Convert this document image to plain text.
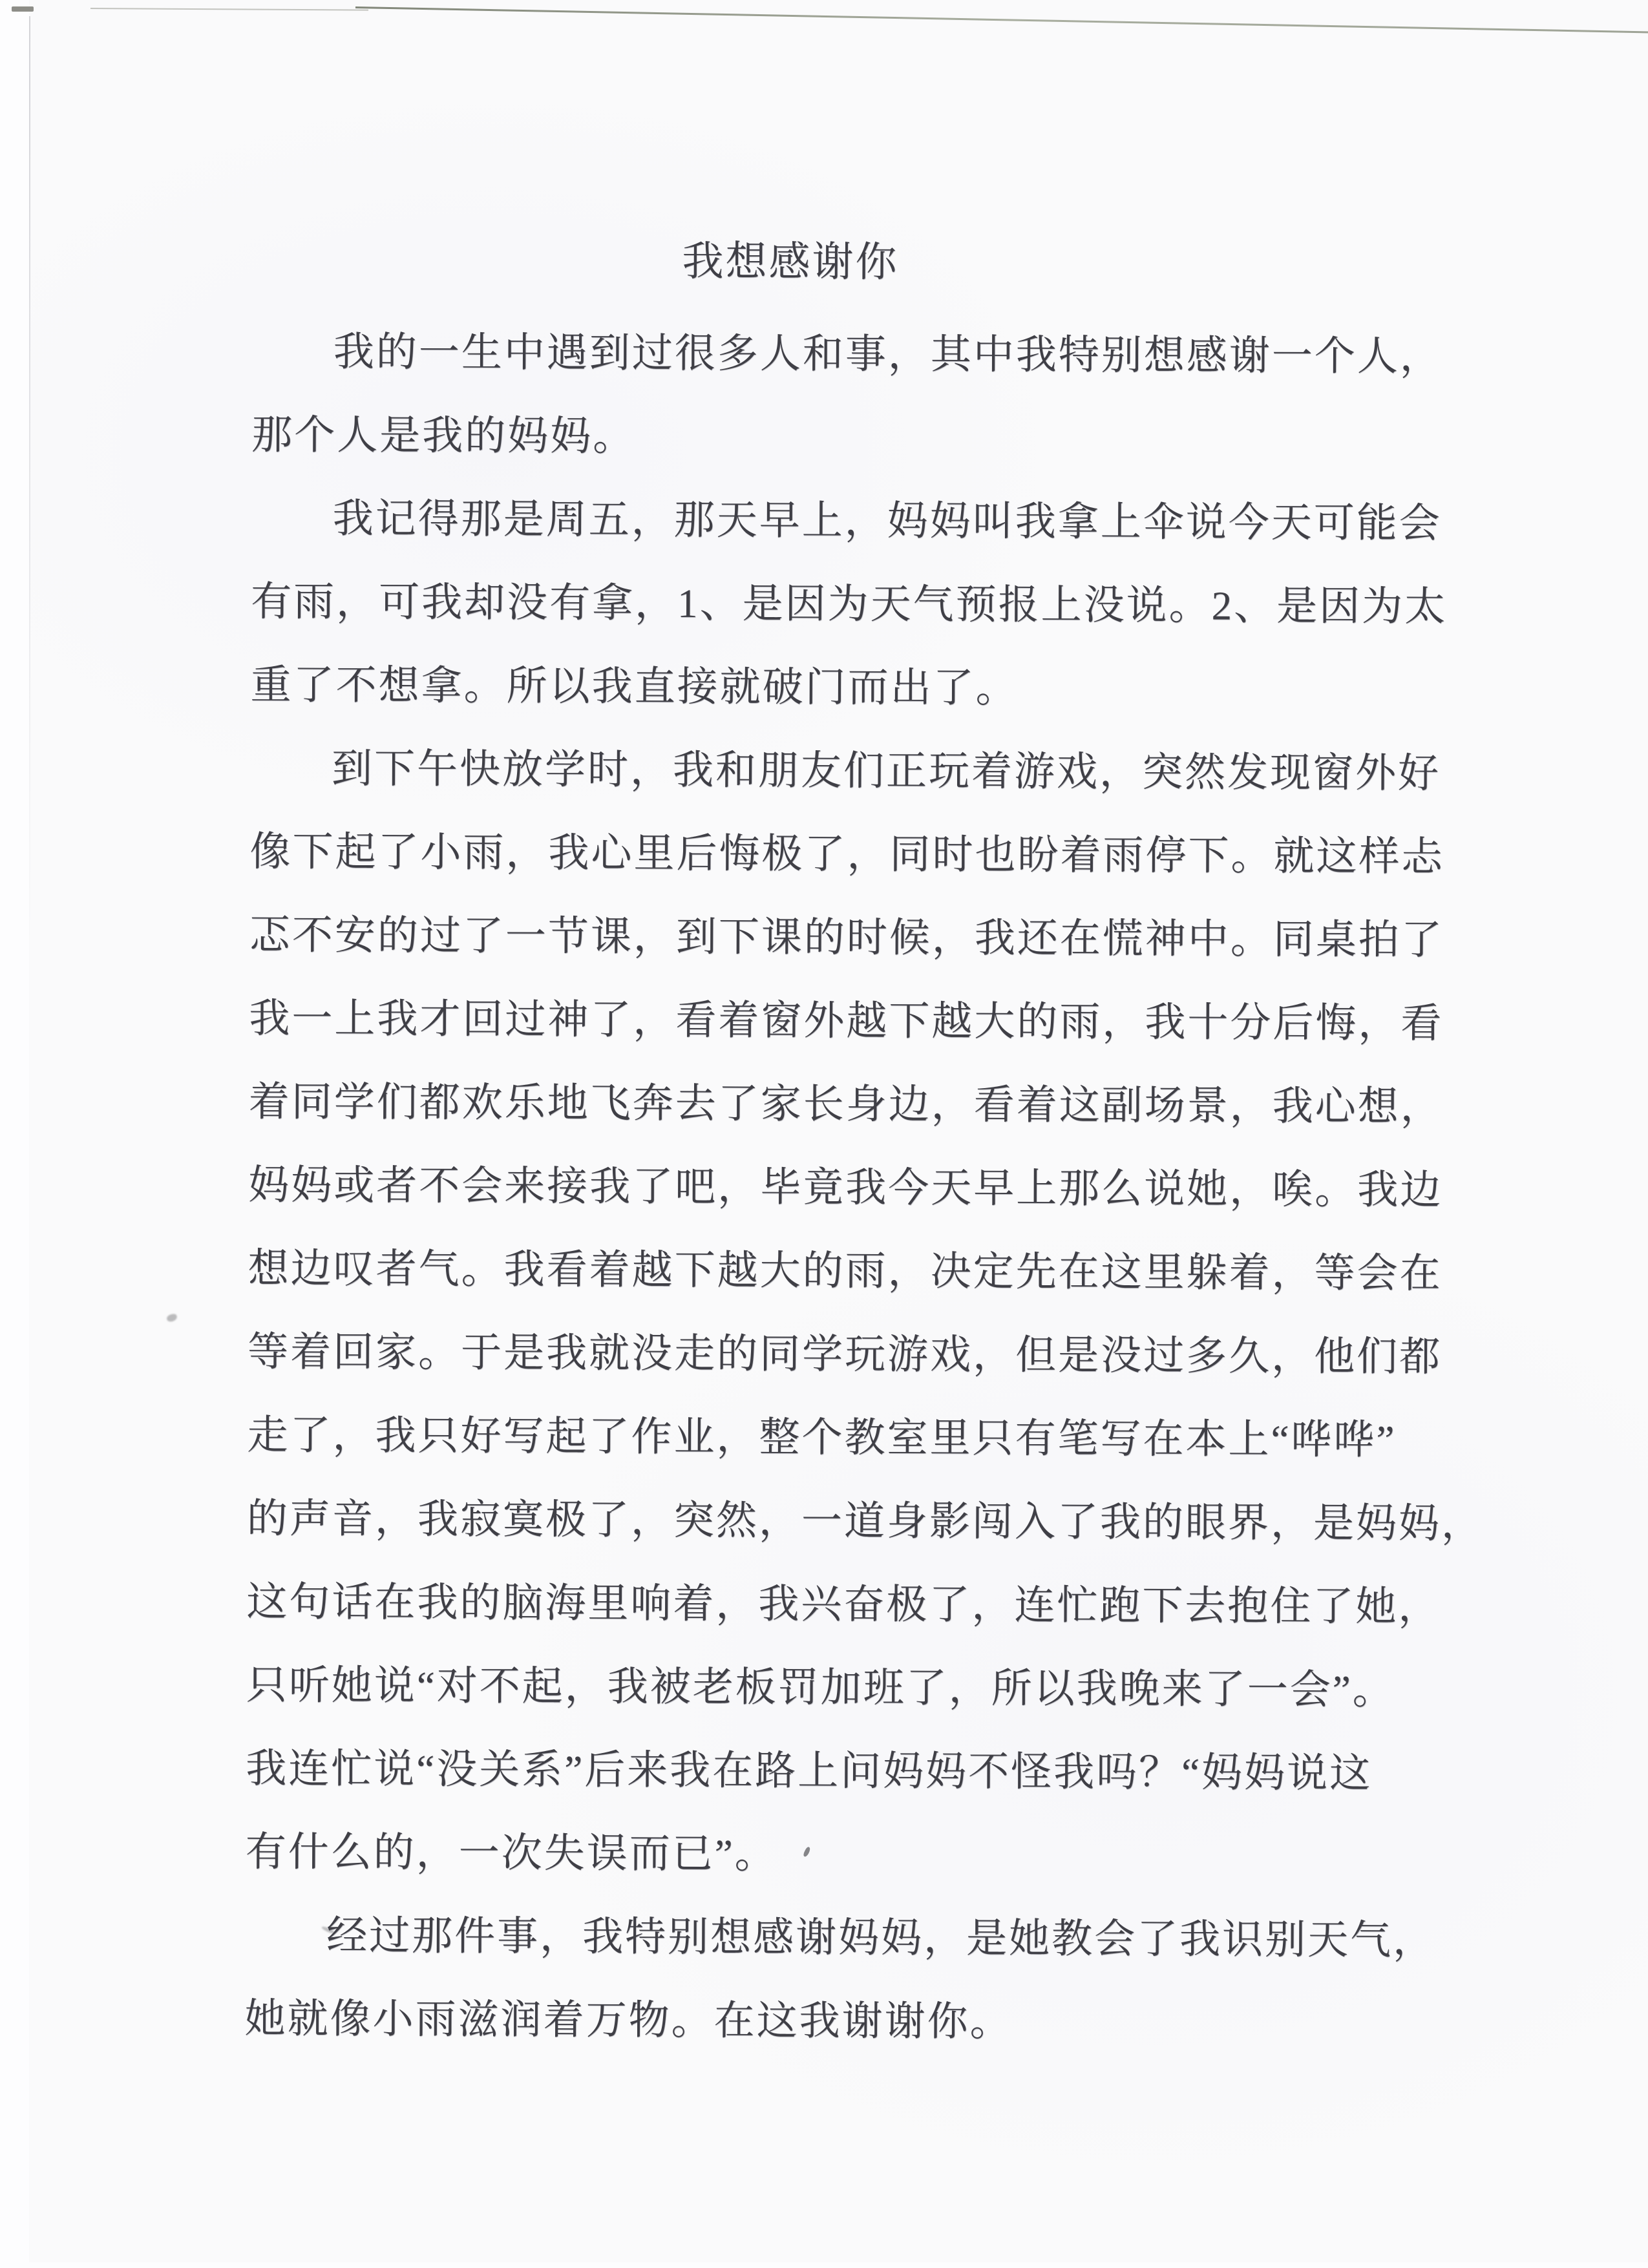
我想感谢你
我的一生中遇到过很多人和事，其中我特别想感谢一个人，
那个人是我的妈妈。
我记得那是周五，那天早上，妈妈叫我拿上伞说今天可能会
有雨，可我却没有拿，1、是因为天气预报上没说。2、是因为太
重了不想拿。所以我直接就破门而出了。
到下午快放学时，我和朋友们正玩着游戏，突然发现窗外好
像下起了小雨，我心里后悔极了，同时也盼着雨停下。就这样忐
忑不安的过了一节课，到下课的时候，我还在慌神中。同桌拍了
我一上我才回过神了，看着窗外越下越大的雨，我十分后悔，看
着同学们都欢乐地飞奔去了家长身边，看着这副场景，我心想，
妈妈或者不会来接我了吧，毕竟我今天早上那么说她，唉。我边
想边叹者气。我看着越下越大的雨，决定先在这里躲着，等会在
等着回家。于是我就没走的同学玩游戏，但是没过多久，他们都
走了，我只好写起了作业，整个教室里只有笔写在本上“哗哗”
的声音，我寂寞极了，突然，一道身影闯入了我的眼界，是妈妈，
这句话在我的脑海里响着，我兴奋极了，连忙跑下去抱住了她，
只听她说“对不起，我被老板罚加班了，所以我晚来了一会”。
我连忙说“没关系”后来我在路上问妈妈不怪我吗？“妈妈说这
有什么的，一次失误而已”。
经过那件事，我特别想感谢妈妈，是她教会了我识别天气，
她就像小雨滋润着万物。在这我谢谢你。
